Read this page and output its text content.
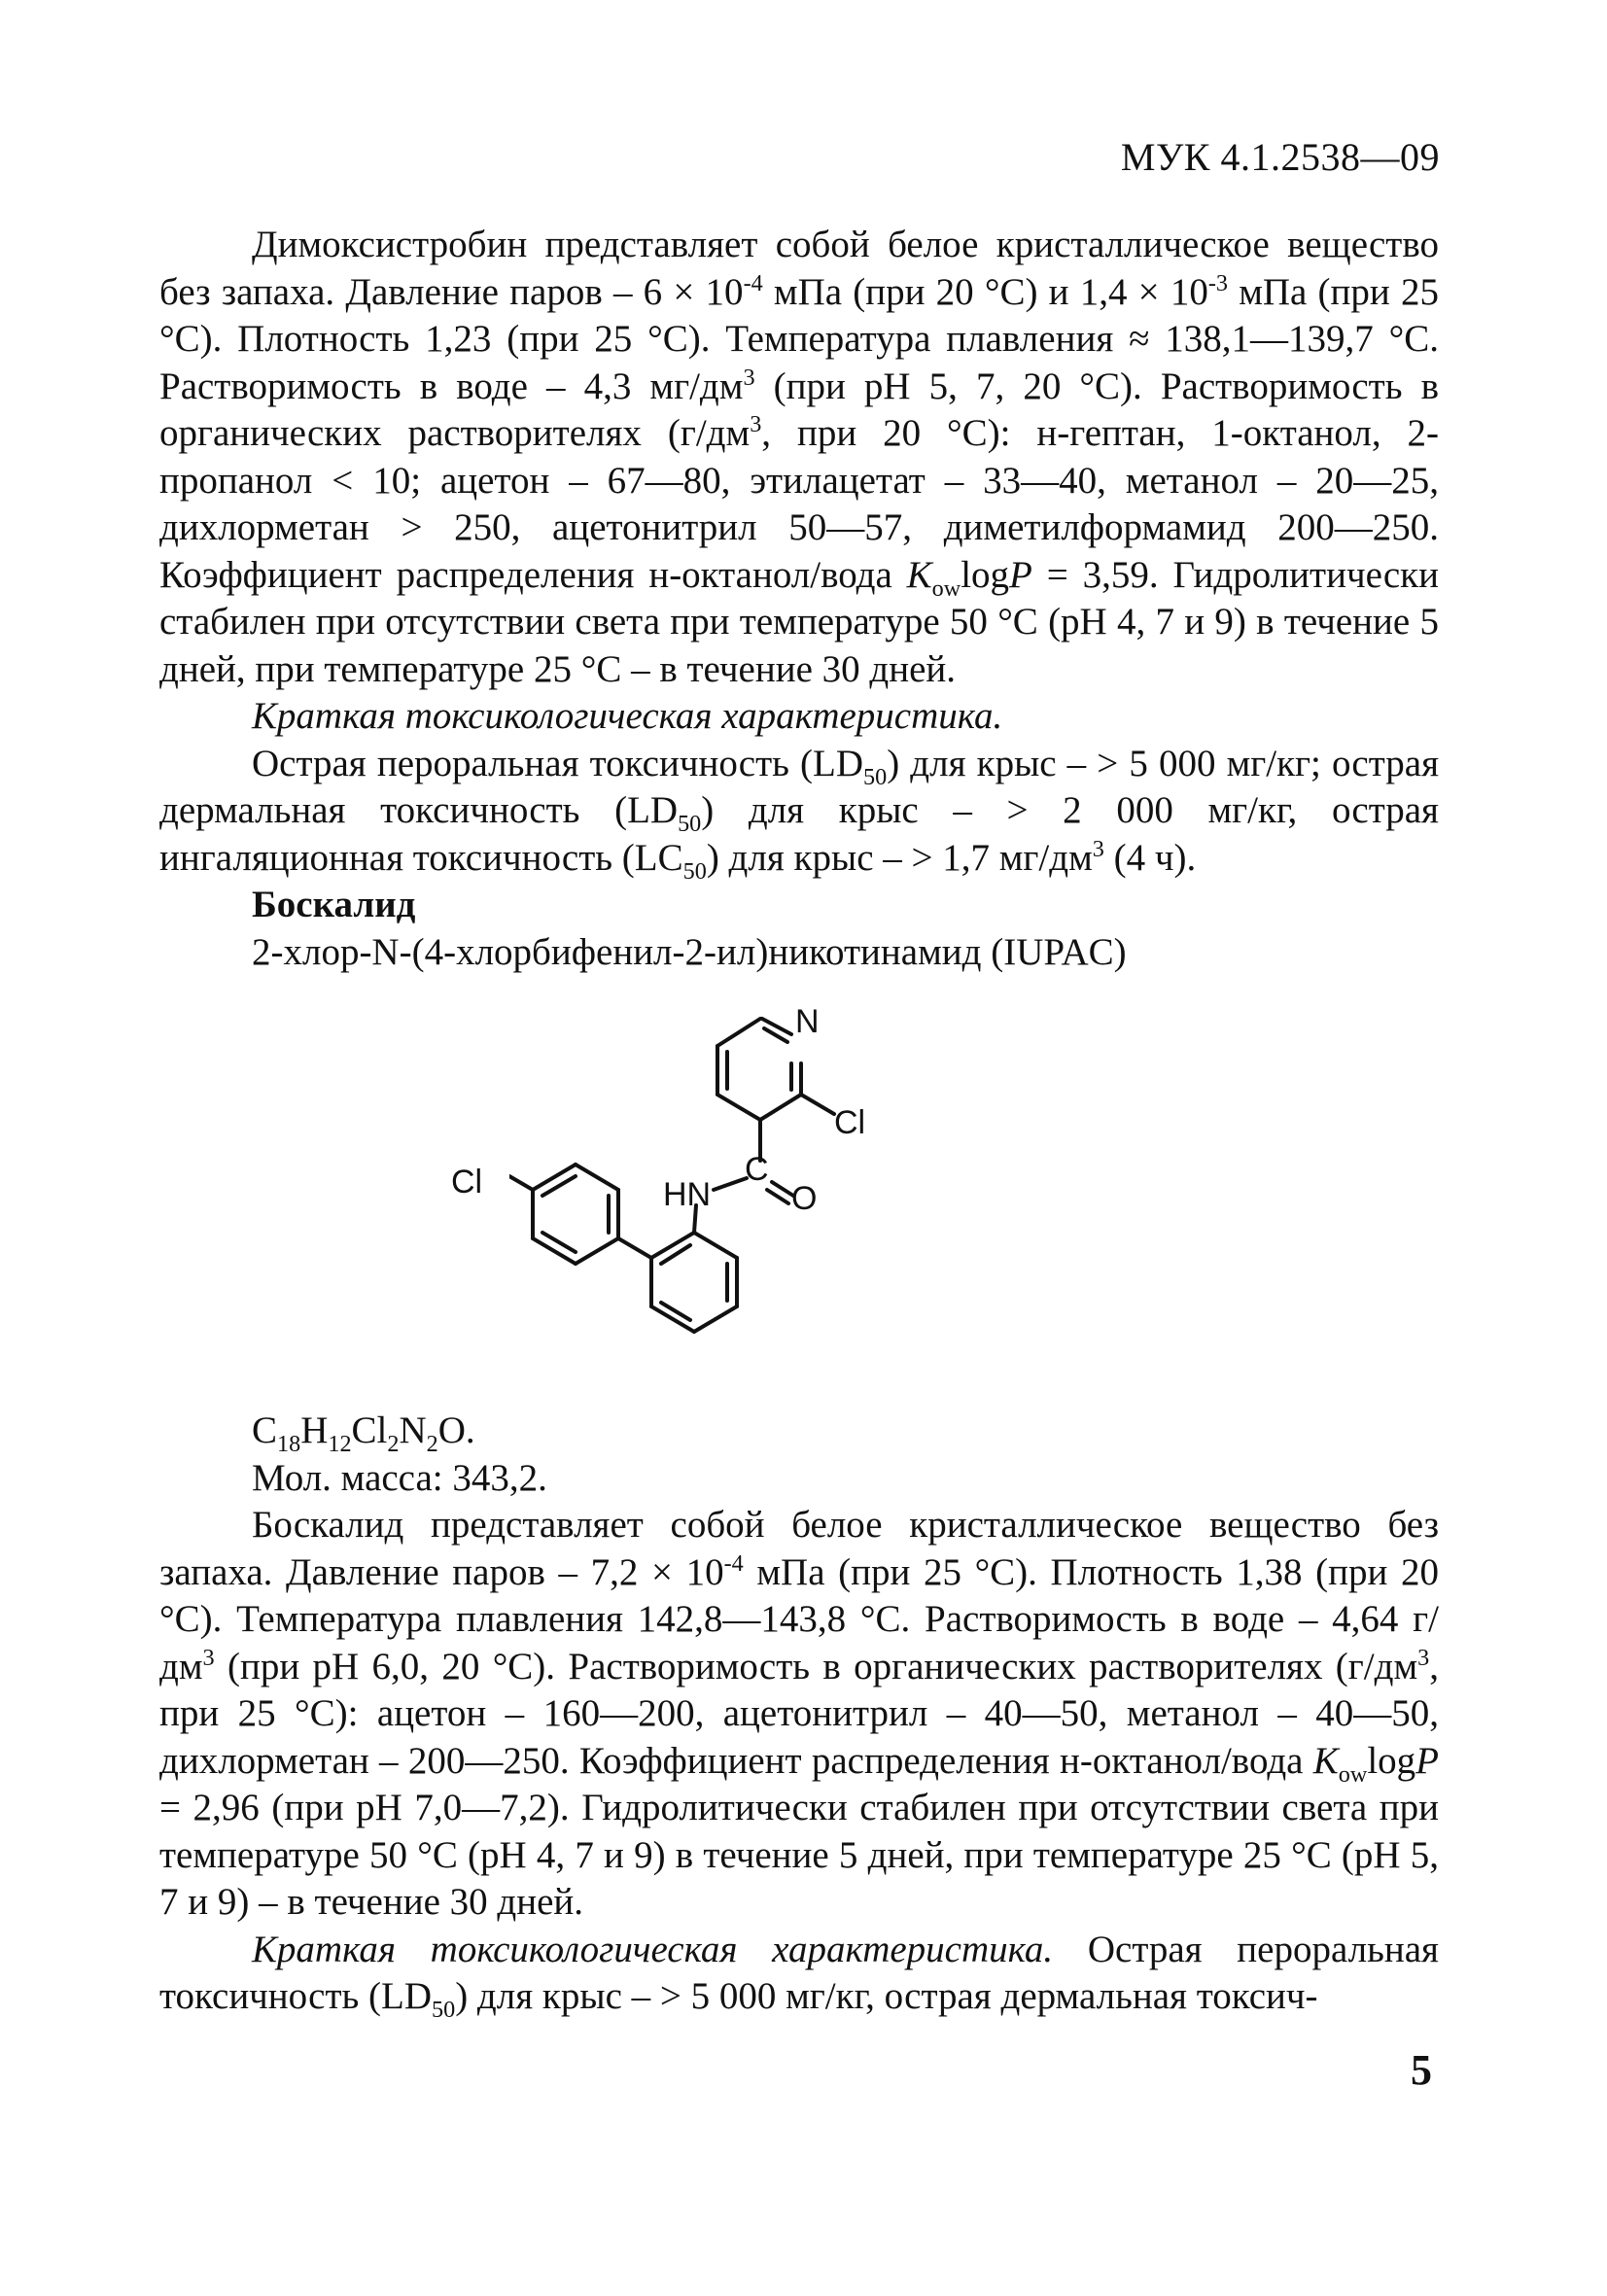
МУК 4.1.2538—09

Димоксистробин представляет собой белое кристаллическое вещество без запаха. Давление паров – $6 \times 10^{-4}$ мПа (при 20 °С) и $1,4 \times 10^{-3}$ мПа (при 25 °С). Плотность 1,23 (при 25 °С). Температура плавления ≈ 138,1—139,7 °С. Растворимость в воде – 4,3 $мг/дм^3$ (при pH 5, 7, 20 °С). Растворимость в органических растворителях ($г/дм^3$, при 20 °С): н-гептан, 1-октанол, 2-пропанол < 10; ацетон – 67—80, этилацетат – 33—40, метанол – 20—25, дихлорметан > 250, ацетонитрил 50—57, диметилформамид 200—250. Коэффициент распределения н-октанол/вода $K_{ow}\log P = 3,59$. Гидролитически стабилен при отсутствии света при температуре 50 °С (pH 4, 7 и 9) в течение 5 дней, при температуре 25 °С – в течение 30 дней.

Краткая токсикологическая характеристика.

Острая пероральная токсичность $(LD_{50})$ для крыс – > 5 000 мг/кг; острая дермальная токсичность $(LD_{50})$ для крыс – > 2 000 мг/кг, острая ингаляционная токсичность $(LC_{50})$ для крыс – > 1,7 $мг/дм^3$ (4 ч).

Боскалид

2-хлор-N-(4-хлорбифенил-2-ил)никотинамид (IUPAC)

N
Cl
C
O
HN
Cl

$C_{18}H_{12}Cl_2N_2O$.

Мол. масса: 343,2.

Боскалид представляет собой белое кристаллическое вещество без запаха. Давление паров – $7,2 \times 10^{-4}$ мПа (при 25 °С). Плотность 1,38 (при 20 °С). Температура плавления 142,8—143,8 °С. Растворимость в воде – 4,64 $г/дм^3$ (при pH 6,0, 20 °С). Растворимость в органических растворителях ($г/дм^3$, при 25 °С): ацетон – 160—200, ацетонитрил – 40—50, метанол – 40—50, дихлорметан – 200—250. Коэффициент распределения н-октанол/вода $K_{ow}\log P = 2,96$ (при pH 7,0—7,2). Гидролитически стабилен при отсутствии света при температуре 50 °С (pH 4, 7 и 9) в течение 5 дней, при температуре 25 °С (pH 5, 7 и 9) – в течение 30 дней.

Краткая токсикологическая характеристика. Острая пероральная токсичность $(LD_{50})$ для крыс – > 5 000 мг/кг, острая дермальная токсич-

5
